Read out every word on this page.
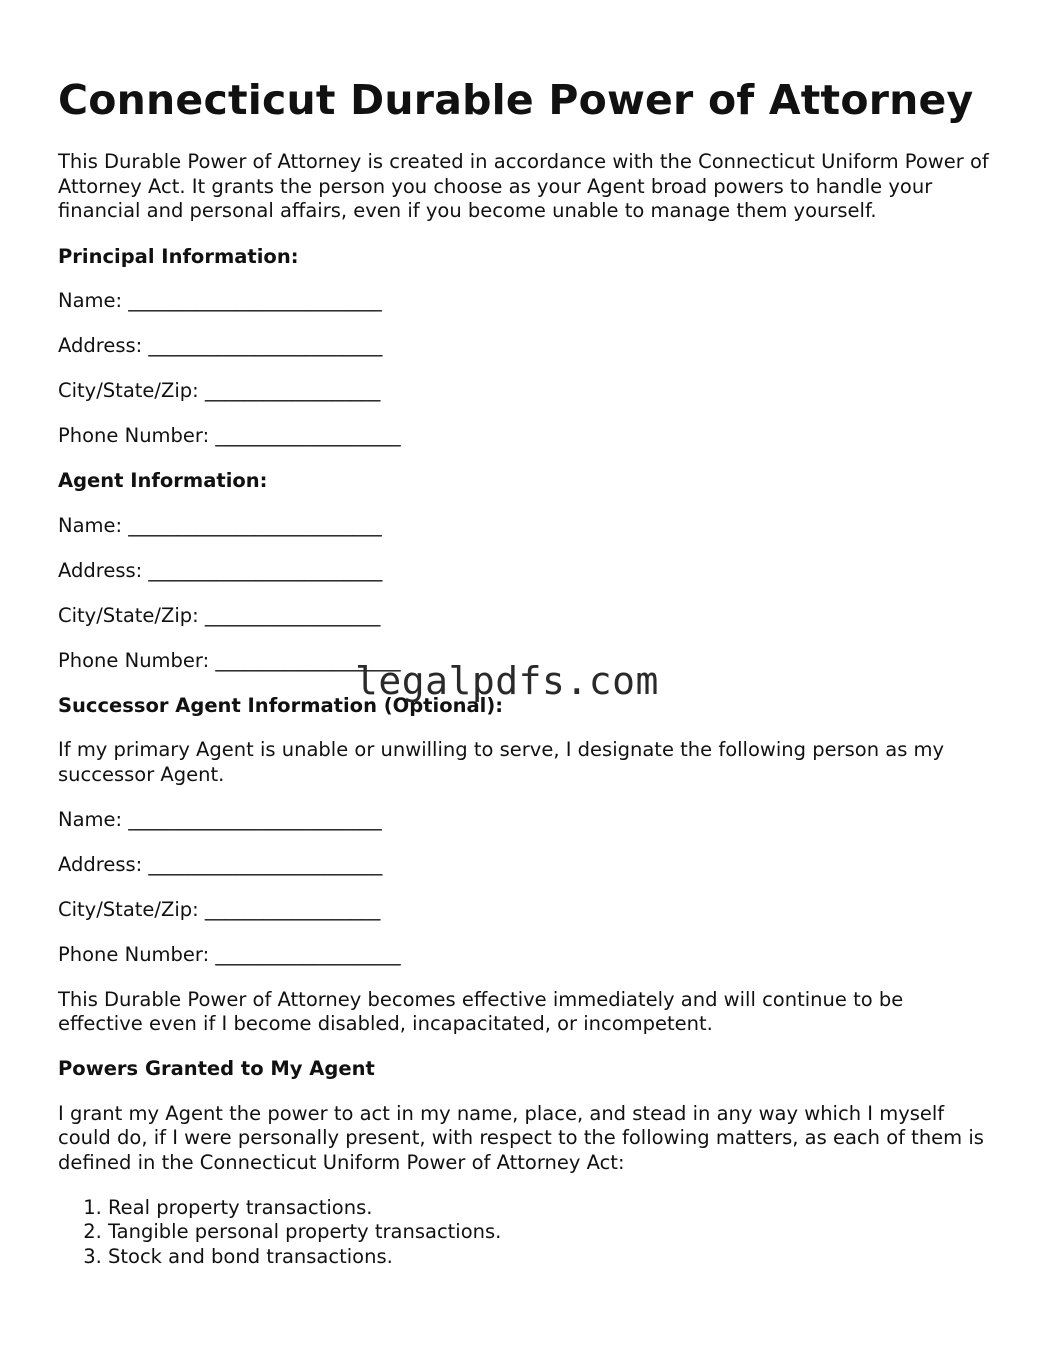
Connecticut Durable Power of Attorney

This Durable Power of Attorney is created in accordance with the Connecticut Uniform Power of Attorney Act. It grants the person you choose as your Agent broad powers to handle your financial and personal affairs, even if you become unable to manage them yourself.

Principal Information:
Name: __________________________
Address: ________________________
City/State/Zip: __________________
Phone Number: ___________________
Agent Information:
Name: __________________________
Address: ________________________
City/State/Zip: __________________
Phone Number: ___________________
Successor Agent Information (Optional):

If my primary Agent is unable or unwilling to serve, I designate the following person as my successor Agent.

Name: __________________________
Address: ________________________
City/State/Zip: __________________
Phone Number: ___________________

This Durable Power of Attorney becomes effective immediately and will continue to be effective even if I become disabled, incapacitated, or incompetent.

Powers Granted to My Agent

I grant my Agent the power to act in my name, place, and stead in any way which I myself could do, if I were personally present, with respect to the following matters, as each of them is defined in the Connecticut Uniform Power of Attorney Act:

1. Real property transactions.
2. Tangible personal property transactions.
3. Stock and bond transactions.
legalpdfs.com
